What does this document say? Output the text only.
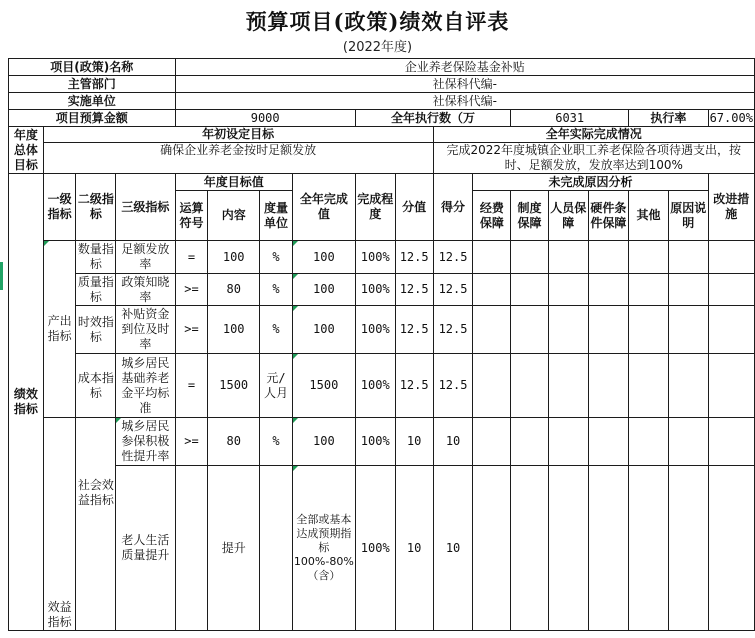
预算项目(政策)绩效自评表
(2022年度)
项目(政策)名称				企业养老保险基金补贴													
主管部门				社保科代编-													
实施单位				社保科代编-													
项目预算金额				9000				全年执行数（万				6031			执行率		67.00%
年度总体目标	年初设定目标									全年实际完成情况							
	确保企业养老金按时足额发放									完成2022年度城镇企业职工养老保险各项待遇支出，按时、足额发放，发放率达到100%							
绩效指标	一级指标	二级指标	三级指标	年度目标值			全年完成值	完成程度	分值	得分	未完成原因分析						改进措施
				运算符号	内容	度量单位					经费保障	制度保障	人员保障	硬件条件保障	其他	原因说明	
	产出指标	数量指标	足额发放率	=	100	%	100	100%	12.5	12.5							
		质量指标	政策知晓率	>=	80	%	100	100%	12.5	12.5							
		时效指标	补贴资金到位及时率	>=	100	%	100	100%	12.5	12.5							
		成本指标	城乡居民基础养老金平均标准	=	1500	元/人月	1500	100%	12.5	12.5							
	效益指标	社会效益指标	城乡居民参保积极性提升率	>=	80	%	100	100%	10	10							
			老人生活质量提升		提升		全部或基本达成预期指标100%-80%（含）	100%	10	10							
